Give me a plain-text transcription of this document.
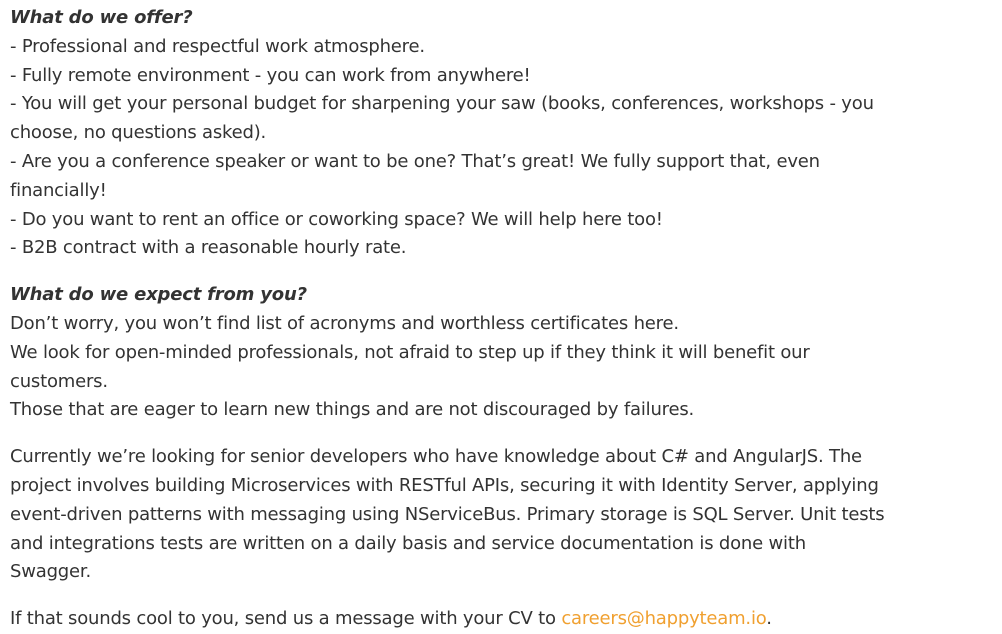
What do we offer?
- Professional and respectful work atmosphere.
- Fully remote environment - you can work from anywhere!
- You will get your personal budget for sharpening your saw (books, conferences, workshops - you choose, no questions asked).
- Are you a conference speaker or want to be one? That’s great! We fully support that, even financially!
- Do you want to rent an office or coworking space? We will help here too!
- B2B contract with a reasonable hourly rate.
What do we expect from you?
Don’t worry, you won’t find list of acronyms and worthless certificates here.
We look for open-minded professionals, not afraid to step up if they think it will benefit our customers.
Those that are eager to learn new things and are not discouraged by failures.
Currently we’re looking for senior developers who have knowledge about C# and AngularJS. The project involves building Microservices with RESTful APIs, securing it with Identity Server, applying event-driven patterns with messaging using NServiceBus. Primary storage is SQL Server. Unit tests and integrations tests are written on a daily basis and service documentation is done with Swagger.
If that sounds cool to you, send us a message with your CV to careers@happyteam.io.
